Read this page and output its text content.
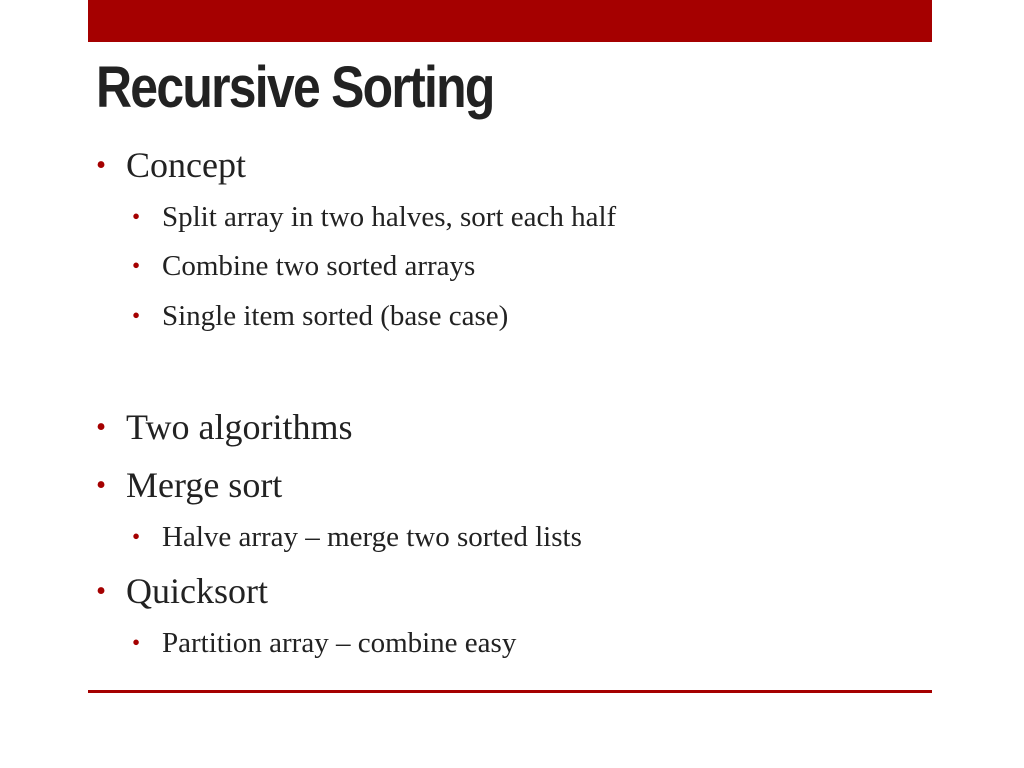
Recursive Sorting
• Concept
• Split array in two halves, sort each half
• Combine two sorted arrays
• Single item sorted (base case)
• Two algorithms
• Merge sort
• Halve array – merge two sorted lists
• Quicksort
• Partition array – combine easy
